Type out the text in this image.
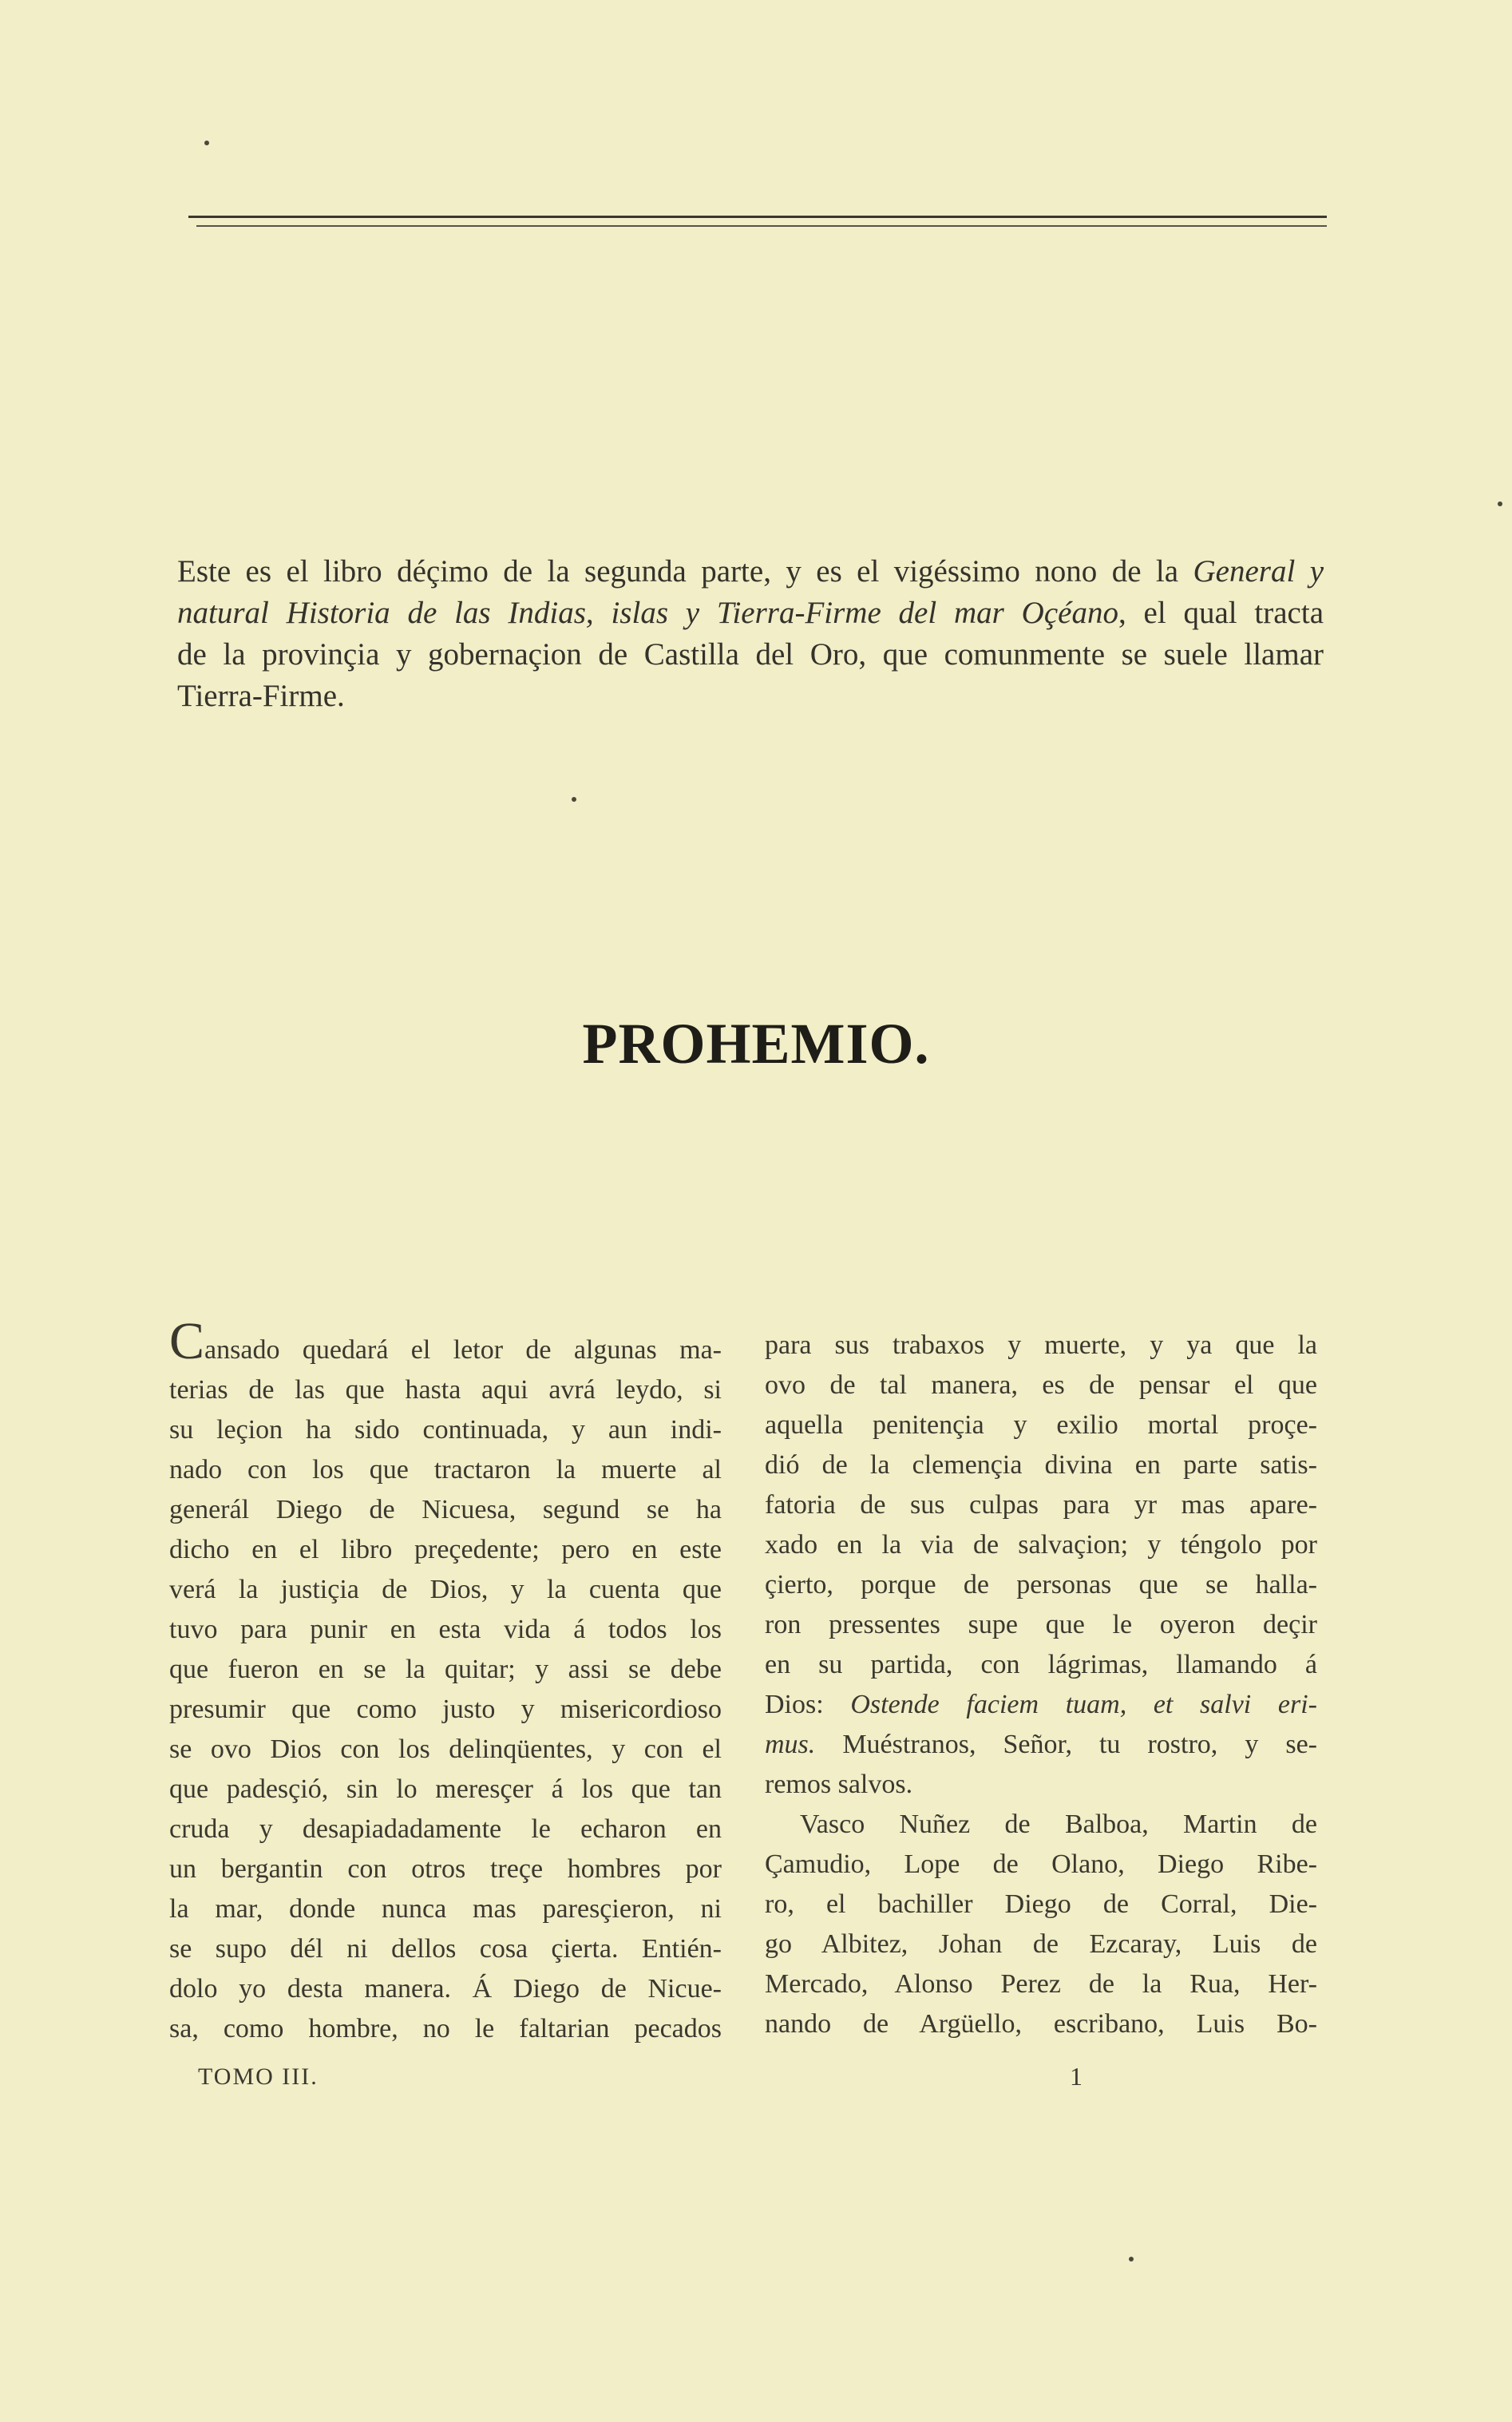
Este es el libro déçimo de la segunda parte, y es el vigéssimo nono de la General y
natural Historia de las Indias, islas y Tierra-Firme del mar Oçéano, el qual tracta
de la provinçia y gobernaçion de Castilla del Oro, que comunmente se suele llamar
Tierra-Firme.
PROHEMIO.
Cansado quedará el letor de algunas ma-
terias de las que hasta aqui avrá leydo, si
su leçion ha sido continuada, y aun indi-
nado con los que tractaron la muerte al
generál Diego de Nicuesa, segund se ha
dicho en el libro preçedente; pero en este
verá la justiçia de Dios, y la cuenta que
tuvo para punir en esta vida á todos los
que fueron en se la quitar; y assi se debe
presumir que como justo y misericordioso
se ovo Dios con los delinqüentes, y con el
que padesçió, sin lo meresçer á los que tan
cruda y desapiadadamente le echaron en
un bergantin con otros treçe hombres por
la mar, donde nunca mas paresçieron, ni
se supo dél ni dellos cosa çierta. Entién-
dolo yo desta manera. Á Diego de Nicue-
sa, como hombre, no le faltarian pecados
para sus trabaxos y muerte, y ya que la
ovo de tal manera, es de pensar el que
aquella penitençia y exilio mortal proçe-
dió de la clemençia divina en parte satis-
fatoria de sus culpas para yr mas apare-
xado en la via de salvaçion; y téngolo por
çierto, porque de personas que se halla-
ron pressentes supe que le oyeron deçir
en su partida, con lágrimas, llamando á
Dios: Ostende faciem tuam, et salvi eri-
mus. Muéstranos, Señor, tu rostro, y se-
remos salvos.
Vasco Nuñez de Balboa, Martin de
Çamudio, Lope de Olano, Diego Ribe-
ro, el bachiller Diego de Corral, Die-
go Albitez, Johan de Ezcaray, Luis de
Mercado, Alonso Perez de la Rua, Her-
nando de Argüello, escribano, Luis Bo-
TOMO III.	1
